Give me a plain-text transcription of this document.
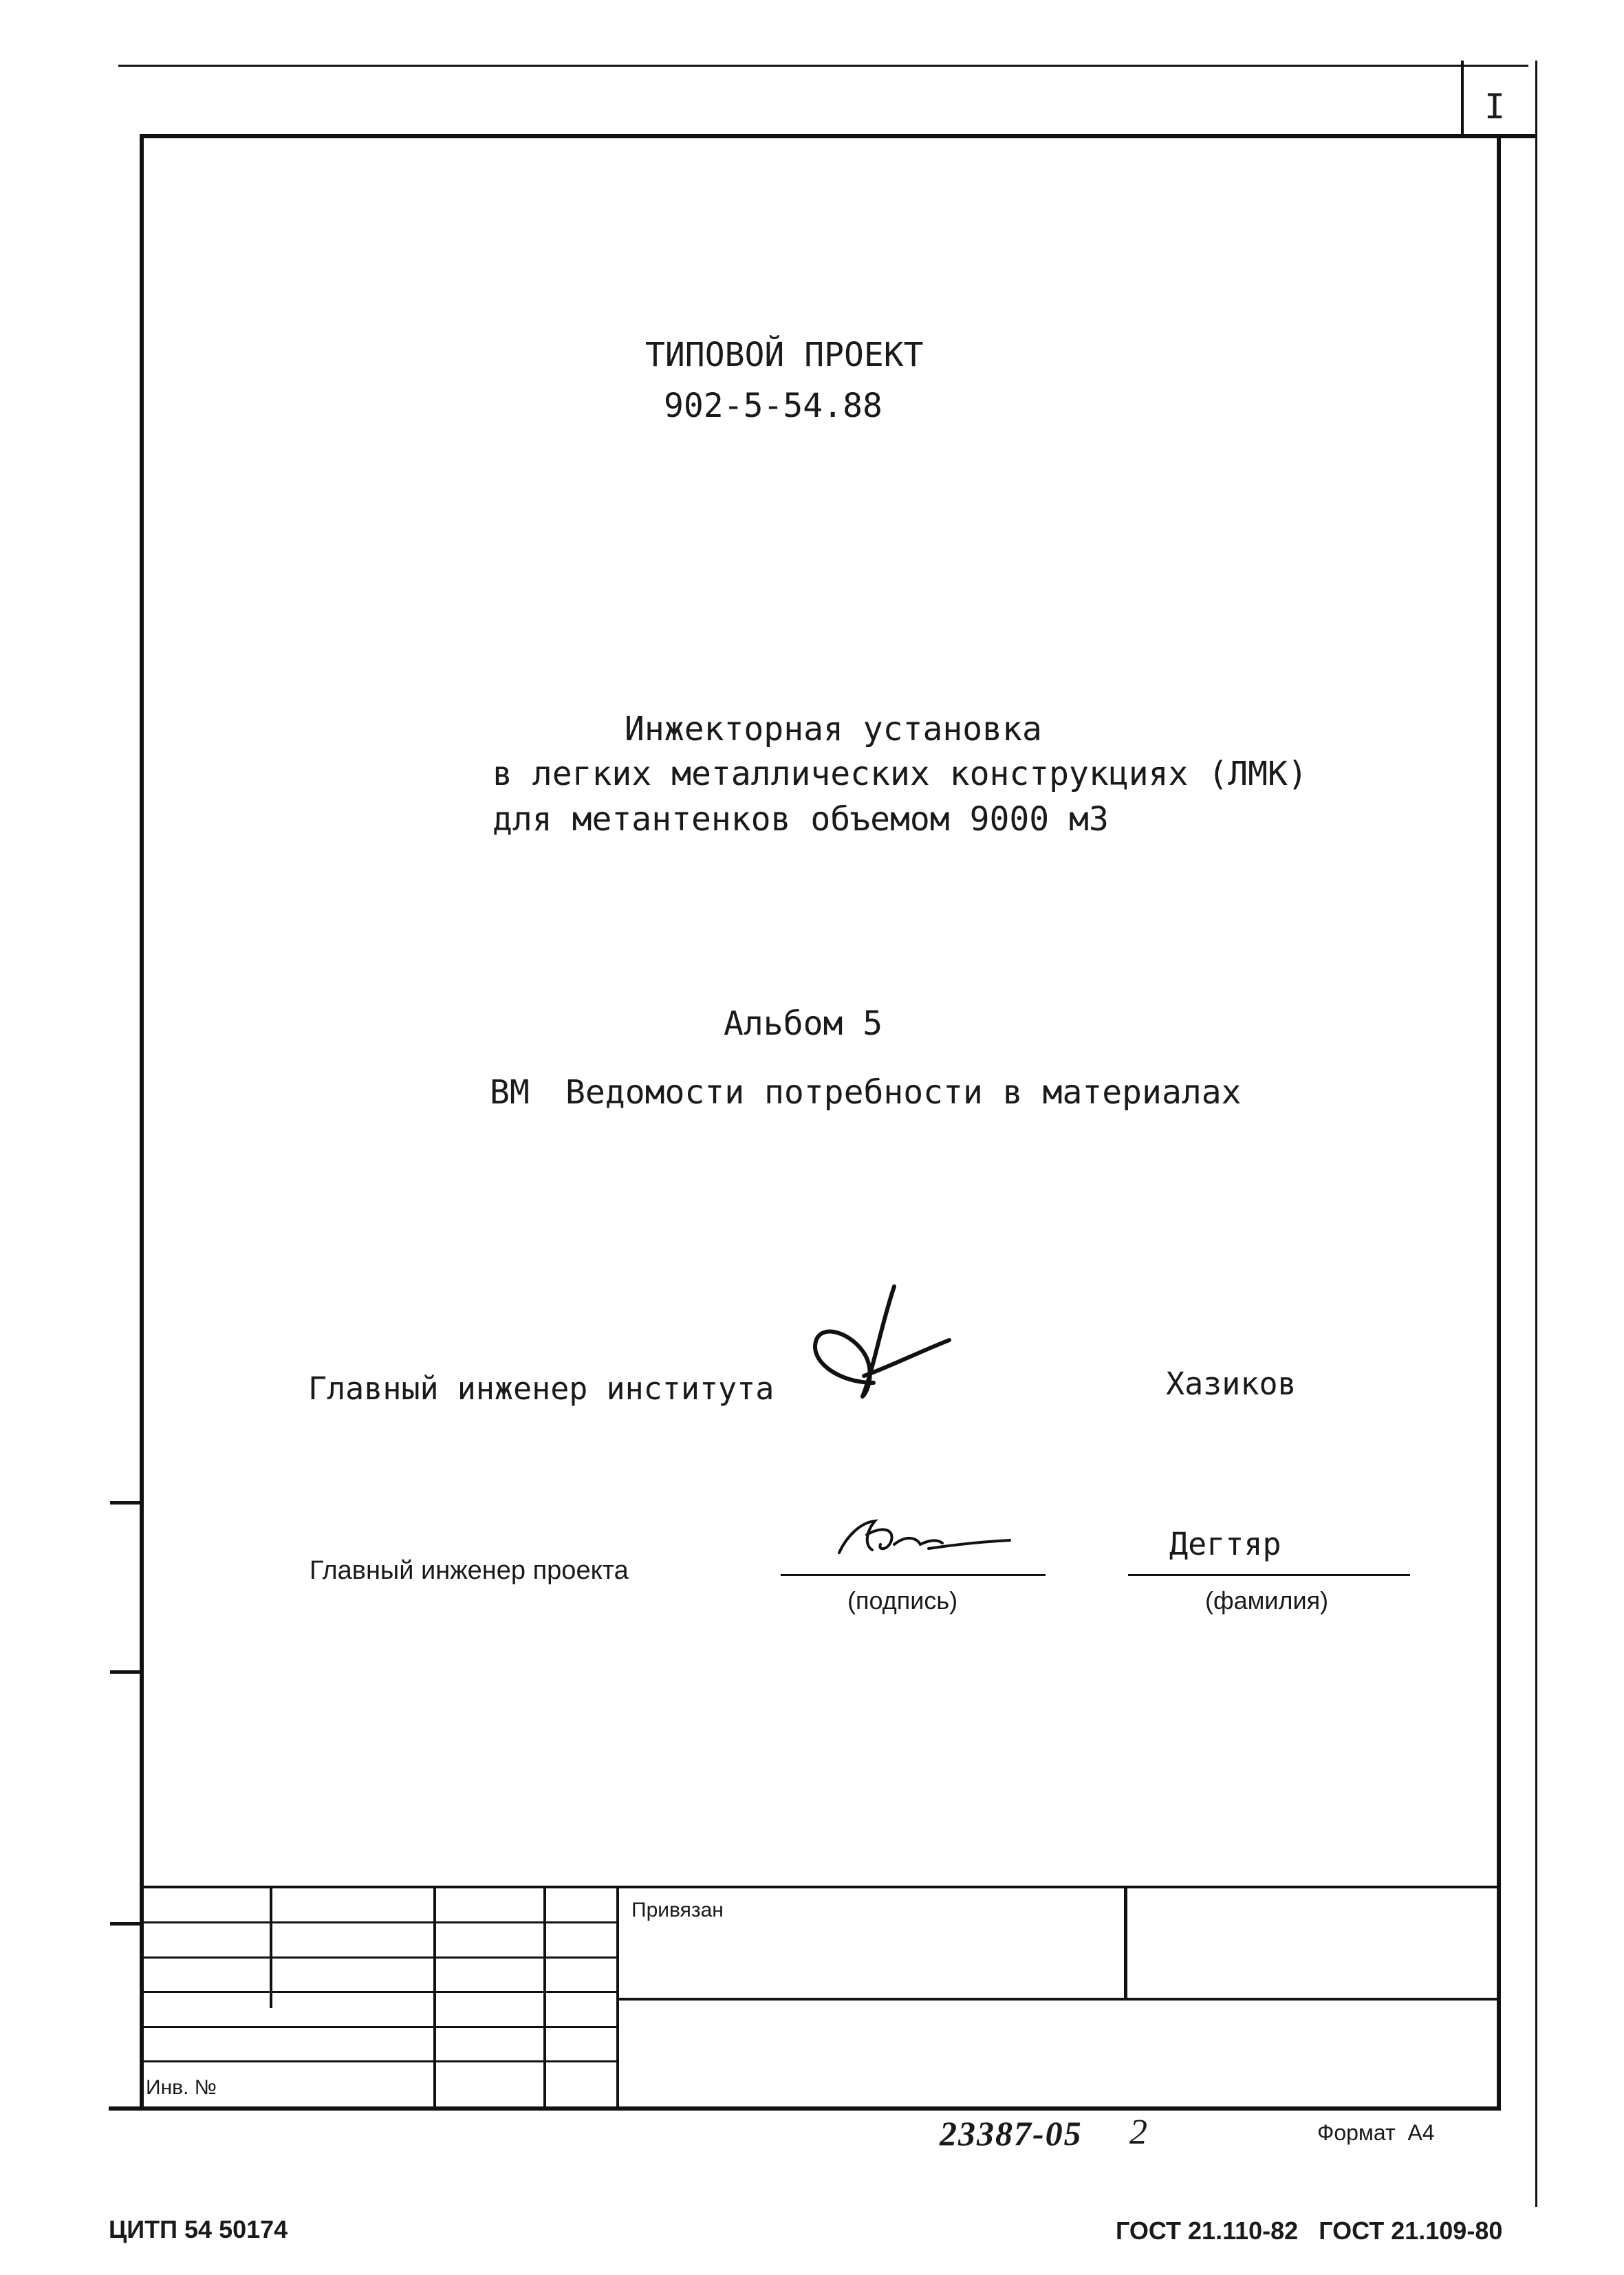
I
ТИПОВОЙ ПРОЕКТ
902-5-54.88
Инжекторная установка
в легких металлических конструкциях (ЛМК)
для метантенков объемом 9000 м3
Альбом 5
ВМ Ведомости потребности в материалах
Главный инженер института	Хазиков
Главный инженер проекта
(подпись)
Дегтяр
(фамилия)
Привязан
Инв. №
23387-05 2	Формат  А4
ЦИТП 54 50174	ГОСТ 21.110-82   ГОСТ 21.109-80
